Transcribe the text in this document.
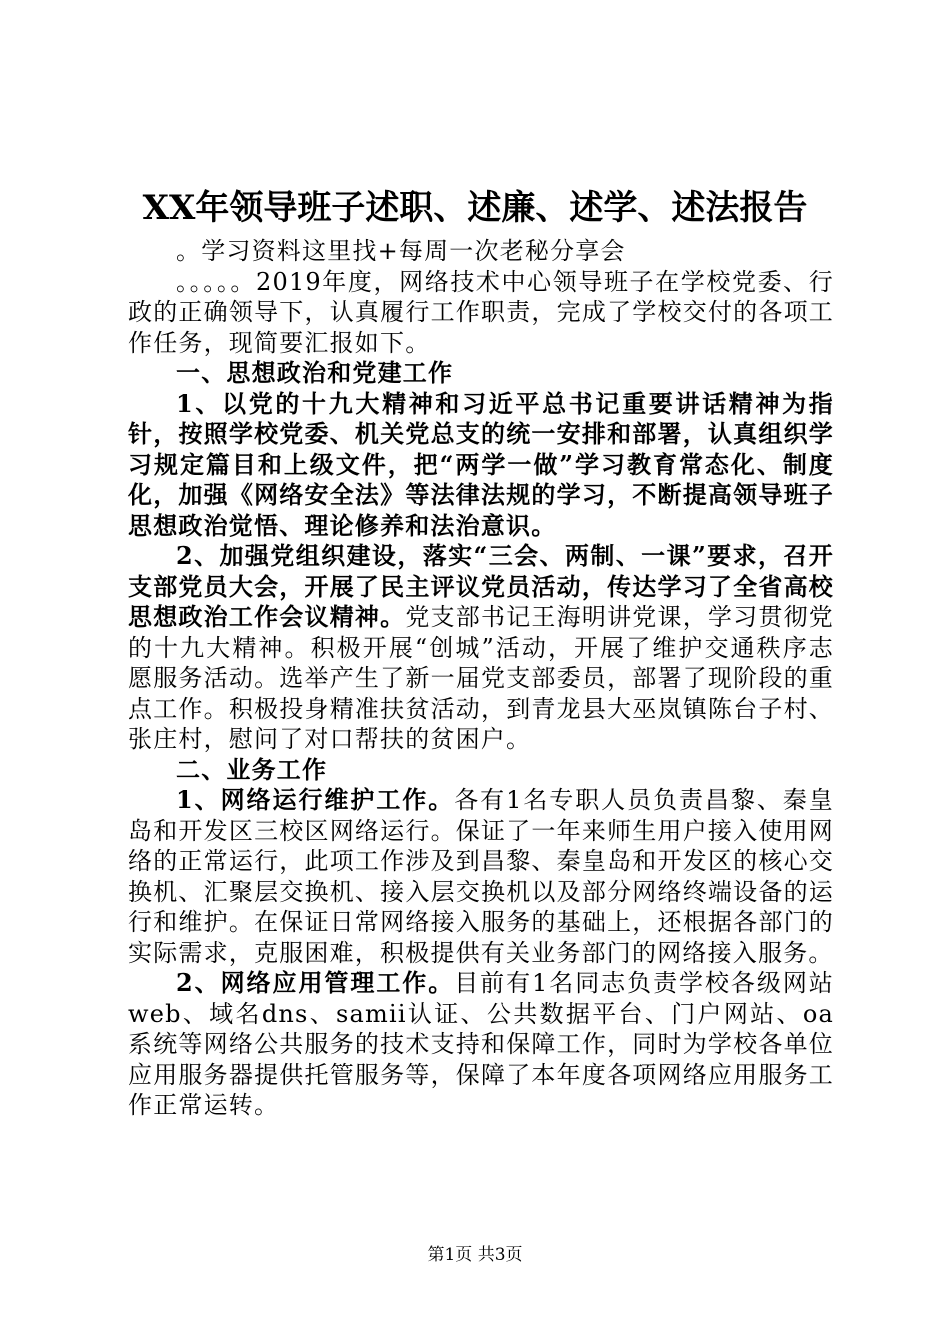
XX年领导班子述职、述廉、述学、述法报告

。学习资料这里找+每周一次老秘分享会

。。。。。2019年度，网络技术中心领导班子在学校党委、行政的正确领导下，认真履行工作职责，完成了学校交付的各项工作任务，现简要汇报如下。

一、思想政治和党建工作

1、以党的十九大精神和习近平总书记重要讲话精神为指针，按照学校党委、机关党总支的统一安排和部署，认真组织学习规定篇目和上级文件，把“两学一做”学习教育常态化、制度化，加强《网络安全法》等法律法规的学习，不断提高领导班子思想政治觉悟、理论修养和法治意识。

2、加强党组织建设，落实“三会、两制、一课”要求，召开支部党员大会，开展了民主评议党员活动，传达学习了全省高校思想政治工作会议精神。党支部书记王海明讲党课，学习贯彻党的十九大精神。积极开展“创城”活动，开展了维护交通秩序志愿服务活动。选举产生了新一届党支部委员，部署了现阶段的重点工作。积极投身精准扶贫活动，到青龙县大巫岚镇陈台子村、张庄村，慰问了对口帮扶的贫困户。

二、业务工作

1、网络运行维护工作。各有1名专职人员负责昌黎、秦皇岛和开发区三校区网络运行。保证了一年来师生用户接入使用网络的正常运行，此项工作涉及到昌黎、秦皇岛和开发区的核心交换机、汇聚层交换机、接入层交换机以及部分网络终端设备的运行和维护。在保证日常网络接入服务的基础上，还根据各部门的实际需求，克服困难，积极提供有关业务部门的网络接入服务。

2、网络应用管理工作。目前有1名同志负责学校各级网站web、域名dns、samii认证、公共数据平台、门户网站、oa系统等网络公共服务的技术支持和保障工作，同时为学校各单位应用服务器提供托管服务等，保障了本年度各项网络应用服务工作正常运转。

第1页 共3页
